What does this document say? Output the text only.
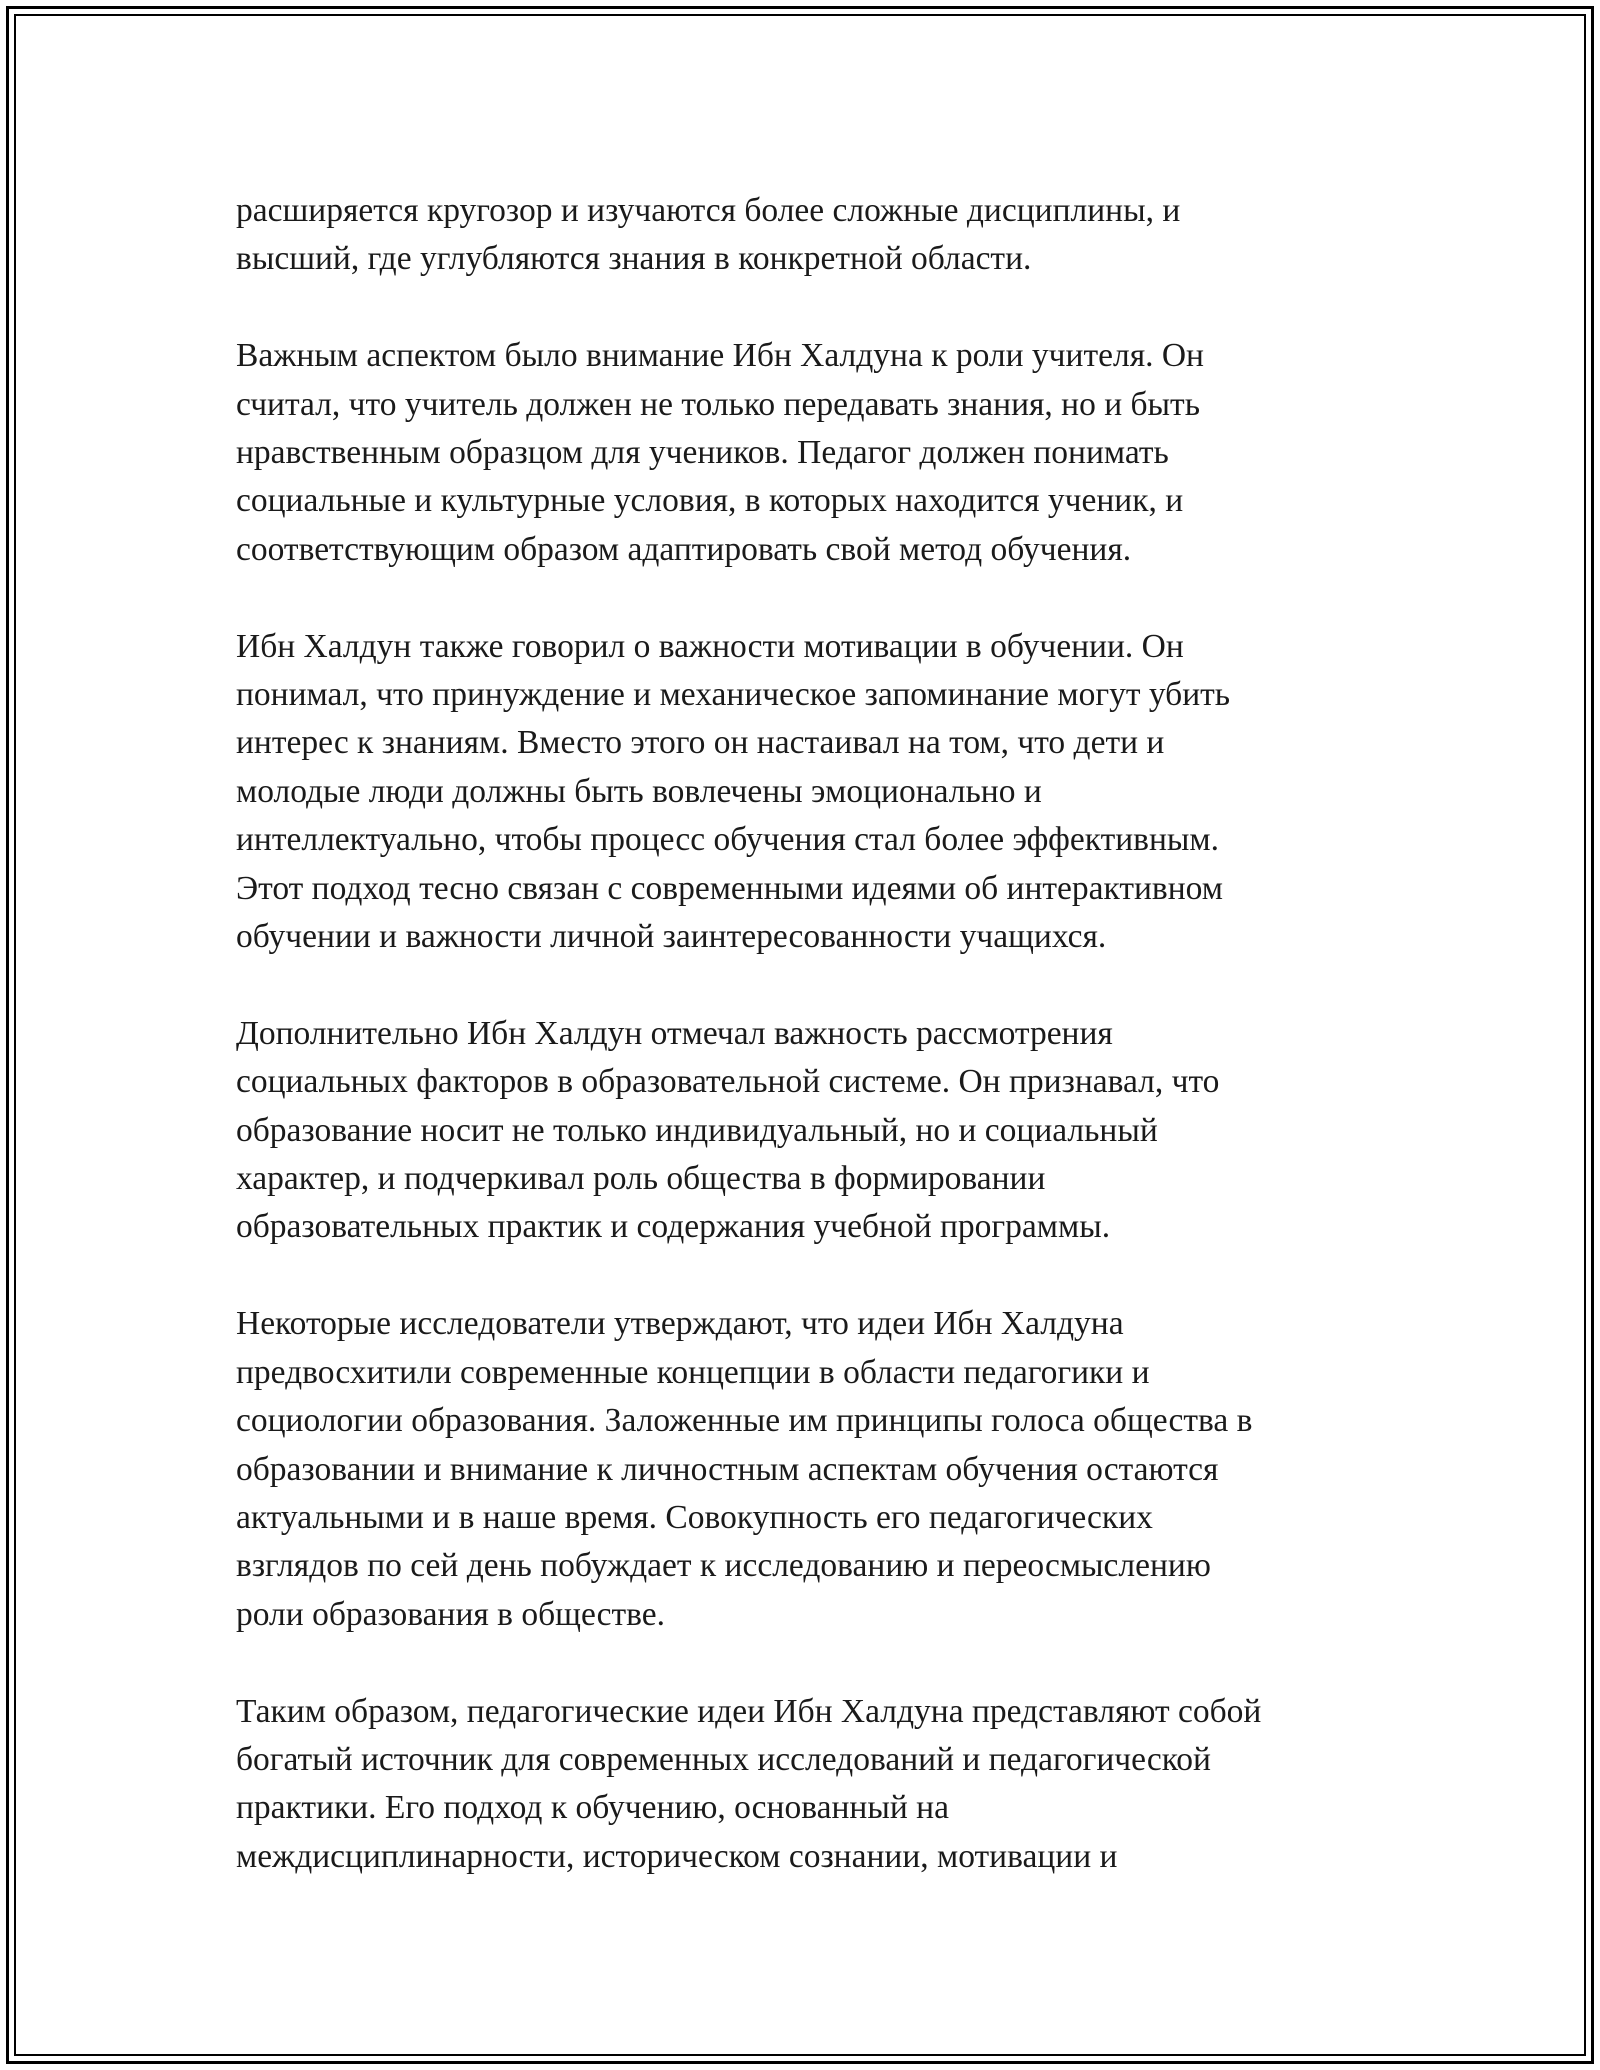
расширяется кругозор и изучаются более сложные дисциплины, и
высший, где углубляются знания в конкретной области.

Важным аспектом было внимание Ибн Халдуна к роли учителя. Он
считал, что учитель должен не только передавать знания, но и быть
нравственным образцом для учеников. Педагог должен понимать
социальные и культурные условия, в которых находится ученик, и
соответствующим образом адаптировать свой метод обучения.

Ибн Халдун также говорил о важности мотивации в обучении. Он
понимал, что принуждение и механическое запоминание могут убить
интерес к знаниям. Вместо этого он настаивал на том, что дети и
молодые люди должны быть вовлечены эмоционально и
интеллектуально, чтобы процесс обучения стал более эффективным.
Этот подход тесно связан с современными идеями об интерактивном
обучении и важности личной заинтересованности учащихся.

Дополнительно Ибн Халдун отмечал важность рассмотрения
социальных факторов в образовательной системе. Он признавал, что
образование носит не только индивидуальный, но и социальный
характер, и подчеркивал роль общества в формировании
образовательных практик и содержания учебной программы.

Некоторые исследователи утверждают, что идеи Ибн Халдуна
предвосхитили современные концепции в области педагогики и
социологии образования. Заложенные им принципы голоса общества в
образовании и внимание к личностным аспектам обучения остаются
актуальными и в наше время. Совокупность его педагогических
взглядов по сей день побуждает к исследованию и переосмыслению
роли образования в обществе.

Таким образом, педагогические идеи Ибн Халдуна представляют собой
богатый источник для современных исследований и педагогической
практики. Его подход к обучению, основанный на
междисциплинарности, историческом сознании, мотивации и
